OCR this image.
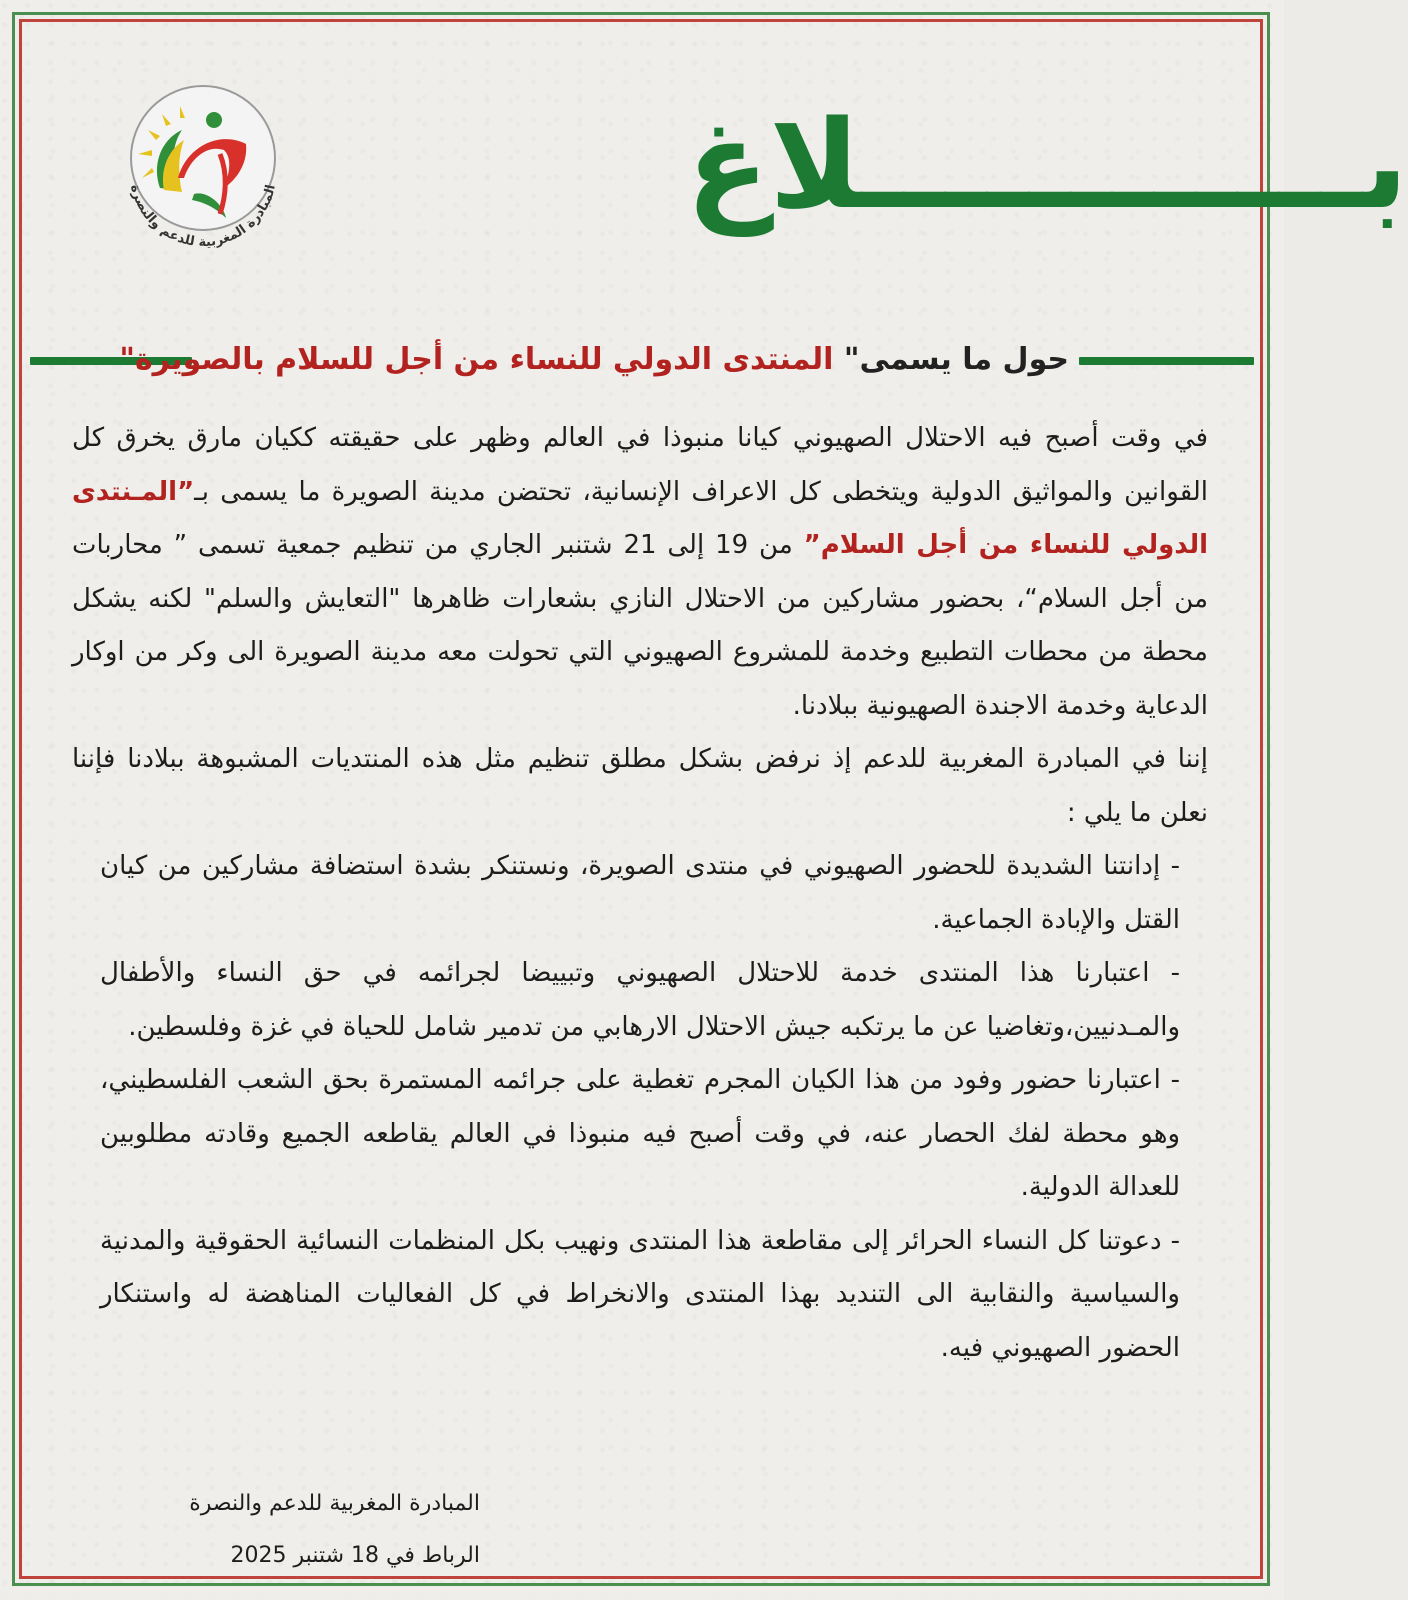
المبادرة المغربية للدعم والنصرة	بــــــــــــلاغ
حول ما يسمى" المنتدى الدولي للنساء من أجل للسلام بالصويرة"

في وقت أصبح فيه الاحتلال الصهيوني كيانا منبوذا في العالم وظهر على حقيقته ككيان مارق يخرق كل القوانين والمواثيق الدولية ويتخطى كل الاعراف الإنسانية، تحتضن مدينة الصويرة ما يسمى بـ”المـنتدى الدولي للنساء من أجل السلام” من 19 إلى 21 شتنبر الجاري من تنظيم جمعية تسمى ” محاربات من أجل السلام“، بحضور مشاركين من الاحتلال النازي بشعارات ظاهرها "التعايش والسلم" لكنه يشكل محطة من محطات التطبيع وخدمة للمشروع الصهيوني التي تحولت معه مدينة الصويرة الى وكر من اوكار الدعاية وخدمة الاجندة الصهيونية ببلادنا.

إننا في المبادرة المغربية للدعم إذ نرفض بشكل مطلق تنظيم مثل هذه المنتديات المشبوهة ببلادنا فإننا نعلن ما يلي :

- إدانتنا الشديدة للحضور الصهيوني في منتدى الصويرة، ونستنكر بشدة استضافة مشاركين من كيان القتل والإبادة الجماعية.
- اعتبارنا هذا المنتدى خدمة للاحتلال الصهيوني وتبييضا لجرائمه في حق النساء والأطفال والمـدنيين،وتغاضيا عن ما يرتكبه جيش الاحتلال الارهابي من تدمير شامل للحياة في غزة وفلسطين.
- اعتبارنا حضور وفود من هذا الكيان المجرم تغطية على جرائمه المستمرة بحق الشعب الفلسطيني، وهو محطة لفك الحصار عنه، في وقت أصبح فيه منبوذا في العالم يقاطعه الجميع وقادته مطلوبين للعدالة الدولية.
- دعوتنا كل النساء الحرائر إلى مقاطعة هذا المنتدى ونهيب بكل المنظمات النسائية الحقوقية والمدنية والسياسية والنقابية الى التنديد بهذا المنتدى والانخراط في كل الفعاليات المناهضة له واستنكار الحضور الصهيوني فيه.
المبادرة المغربية للدعم والنصرة
الرباط في 18 شتنبر 2025
